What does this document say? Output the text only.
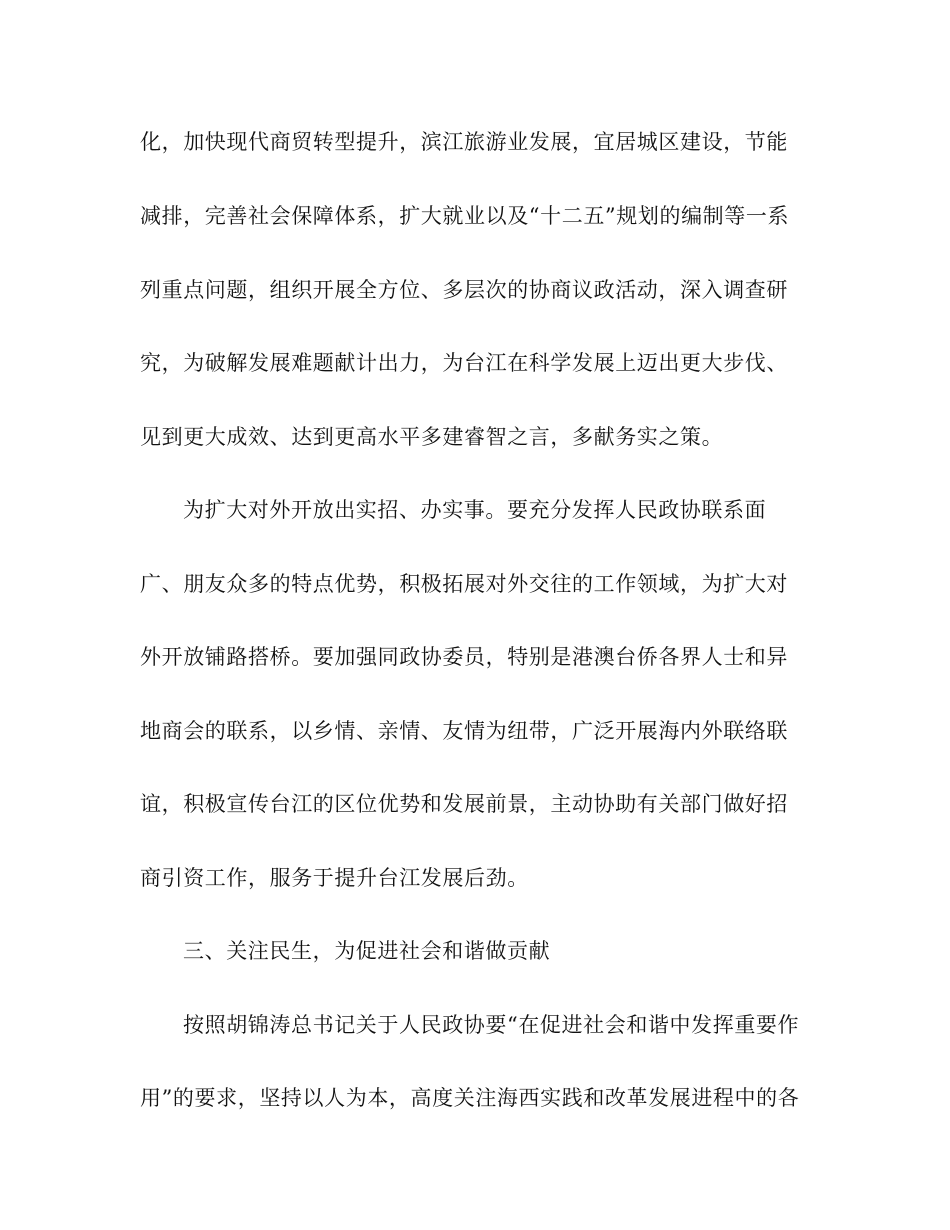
化，加快现代商贸转型提升，滨江旅游业发展，宜居城区建设，节能
减排，完善社会保障体系，扩大就业以及“十二五”规划的编制等一系
列重点问题，组织开展全方位、多层次的协商议政活动，深入调查研
究，为破解发展难题献计出力，为台江在科学发展上迈出更大步伐、
见到更大成效、达到更高水平多建睿智之言，多献务实之策。
为扩大对外开放出实招、办实事。要充分发挥人民政协联系面
广、朋友众多的特点优势，积极拓展对外交往的工作领域，为扩大对
外开放铺路搭桥。要加强同政协委员，特别是港澳台侨各界人士和异
地商会的联系，以乡情、亲情、友情为纽带，广泛开展海内外联络联
谊，积极宣传台江的区位优势和发展前景，主动协助有关部门做好招
商引资工作，服务于提升台江发展后劲。
三、关注民生，为促进社会和谐做贡献
按照胡锦涛总书记关于人民政协要“在促进社会和谐中发挥重要作
用”的要求，坚持以人为本，高度关注海西实践和改革发展进程中的各
